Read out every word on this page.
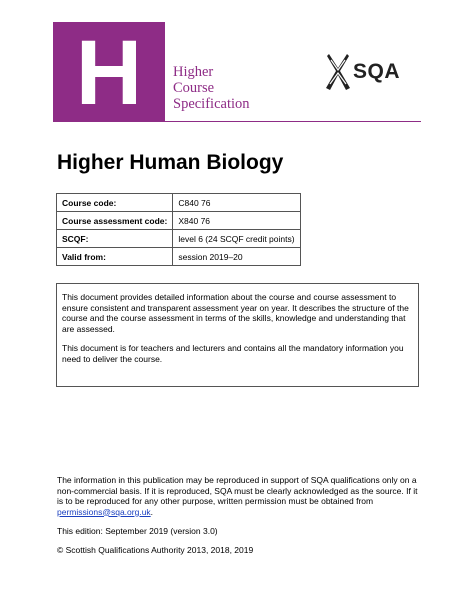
H Higher
Course
Specification
SQA
Higher Human Biology
Course code:	C840 76
Course assessment code:	X840 76
SCQF:	level 6 (24 SCQF credit points)
Valid from:	session 2019–20

This document provides detailed information about the course and course assessment to ensure consistent and transparent assessment year on year. It describes the structure of the course and the course assessment in terms of the skills, knowledge and understanding that are assessed.

This document is for teachers and lecturers and contains all the mandatory information you need to deliver the course.

The information in this publication may be reproduced in support of SQA qualifications only on a non-commercial basis. If it is reproduced, SQA must be clearly acknowledged as the source. If it is to be reproduced for any other purpose, written permission must be obtained from permissions@sqa.org.uk.

This edition: September 2019 (version 3.0)

© Scottish Qualifications Authority 2013, 2018, 2019
